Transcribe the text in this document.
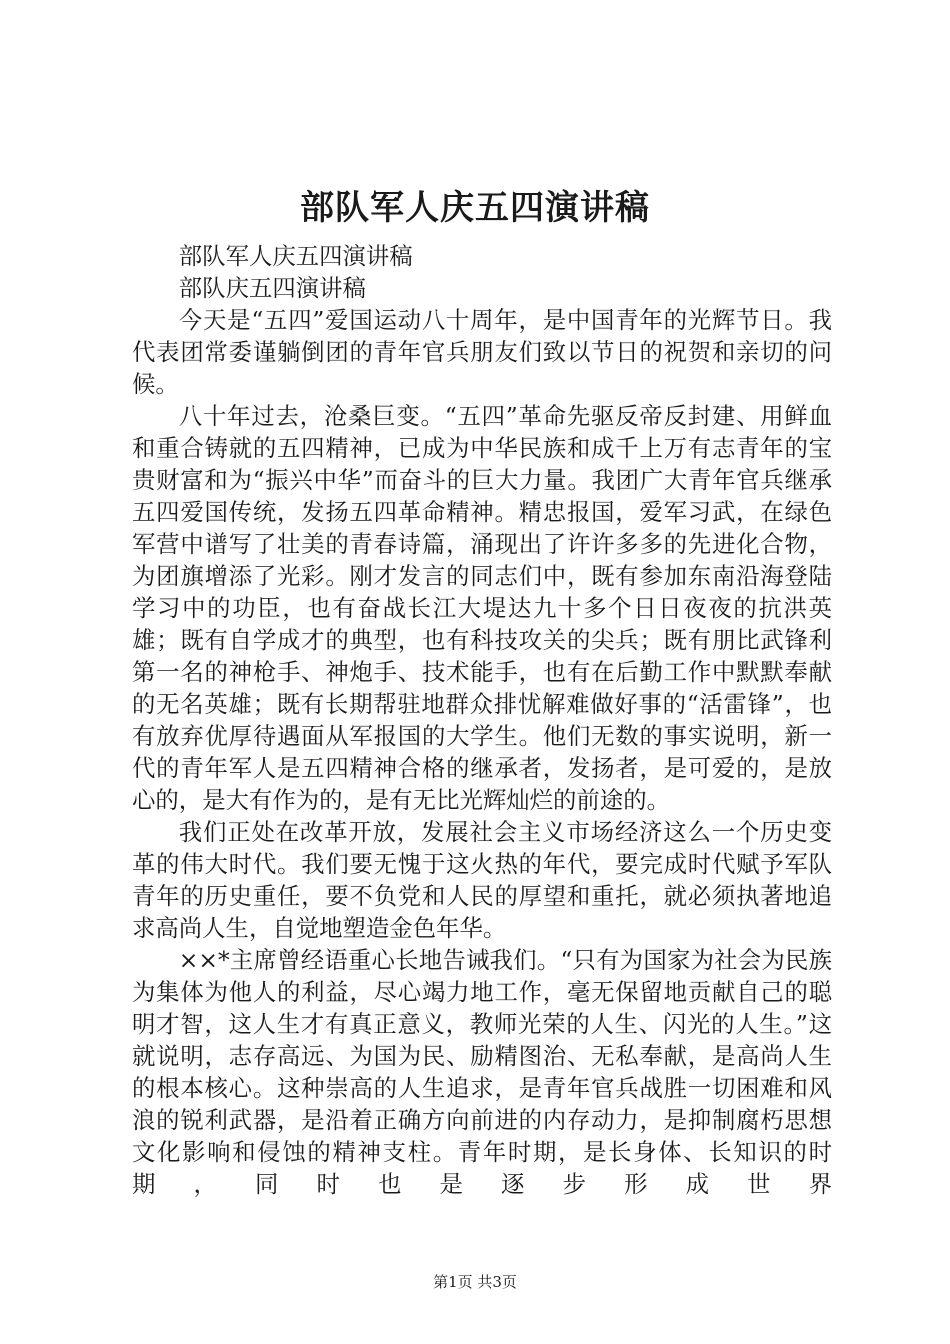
部队军人庆五四演讲稿

部队军人庆五四演讲稿

部队庆五四演讲稿

今天是“五四”爱国运动八十周年，是中国青年的光辉节日。我代表团常委谨躺倒团的青年官兵朋友们致以节日的祝贺和亲切的问候。

八十年过去，沧桑巨变。“五四”革命先驱反帝反封建、用鲜血和重合铸就的五四精神，已成为中华民族和成千上万有志青年的宝贵财富和为“振兴中华”而奋斗的巨大力量。我团广大青年官兵继承五四爱国传统，发扬五四革命精神。精忠报国，爱军习武，在绿色军营中谱写了壮美的青春诗篇，涌现出了许许多多的先进化合物，为团旗增添了光彩。刚才发言的同志们中，既有参加东南沿海登陆学习中的功臣，也有奋战长江大堤达九十多个日日夜夜的抗洪英雄；既有自学成才的典型，也有科技攻关的尖兵；既有朋比武锋利第一名的神枪手、神炮手、技术能手，也有在后勤工作中默默奉献的无名英雄；既有长期帮驻地群众排忧解难做好事的“活雷锋”，也有放弃优厚待遇面从军报国的大学生。他们无数的事实说明，新一代的青年军人是五四精神合格的继承者，发扬者，是可爱的，是放心的，是大有作为的，是有无比光辉灿烂的前途的。

我们正处在改革开放，发展社会主义市场经济这么一个历史变革的伟大时代。我们要无愧于这火热的年代，要完成时代赋予军队青年的历史重任，要不负党和人民的厚望和重托，就必须执著地追求高尚人生，自觉地塑造金色年华。

××*主席曾经语重心长地告诫我们。“只有为国家为社会为民族为集体为他人的利益，尽心竭力地工作，毫无保留地贡献自己的聪明才智，这人生才有真正意义，教师光荣的人生、闪光的人生。”这就说明，志存高远、为国为民、励精图治、无私奉献，是高尚人生的根本核心。这种崇高的人生追求，是青年官兵战胜一切困难和风浪的锐利武器，是沿着正确方向前进的内存动力，是抑制腐朽思想文化影响和侵蚀的精神支柱。青年时期，是长身体、长知识的时期，同时也是逐步形成世界

第1页 共3页
